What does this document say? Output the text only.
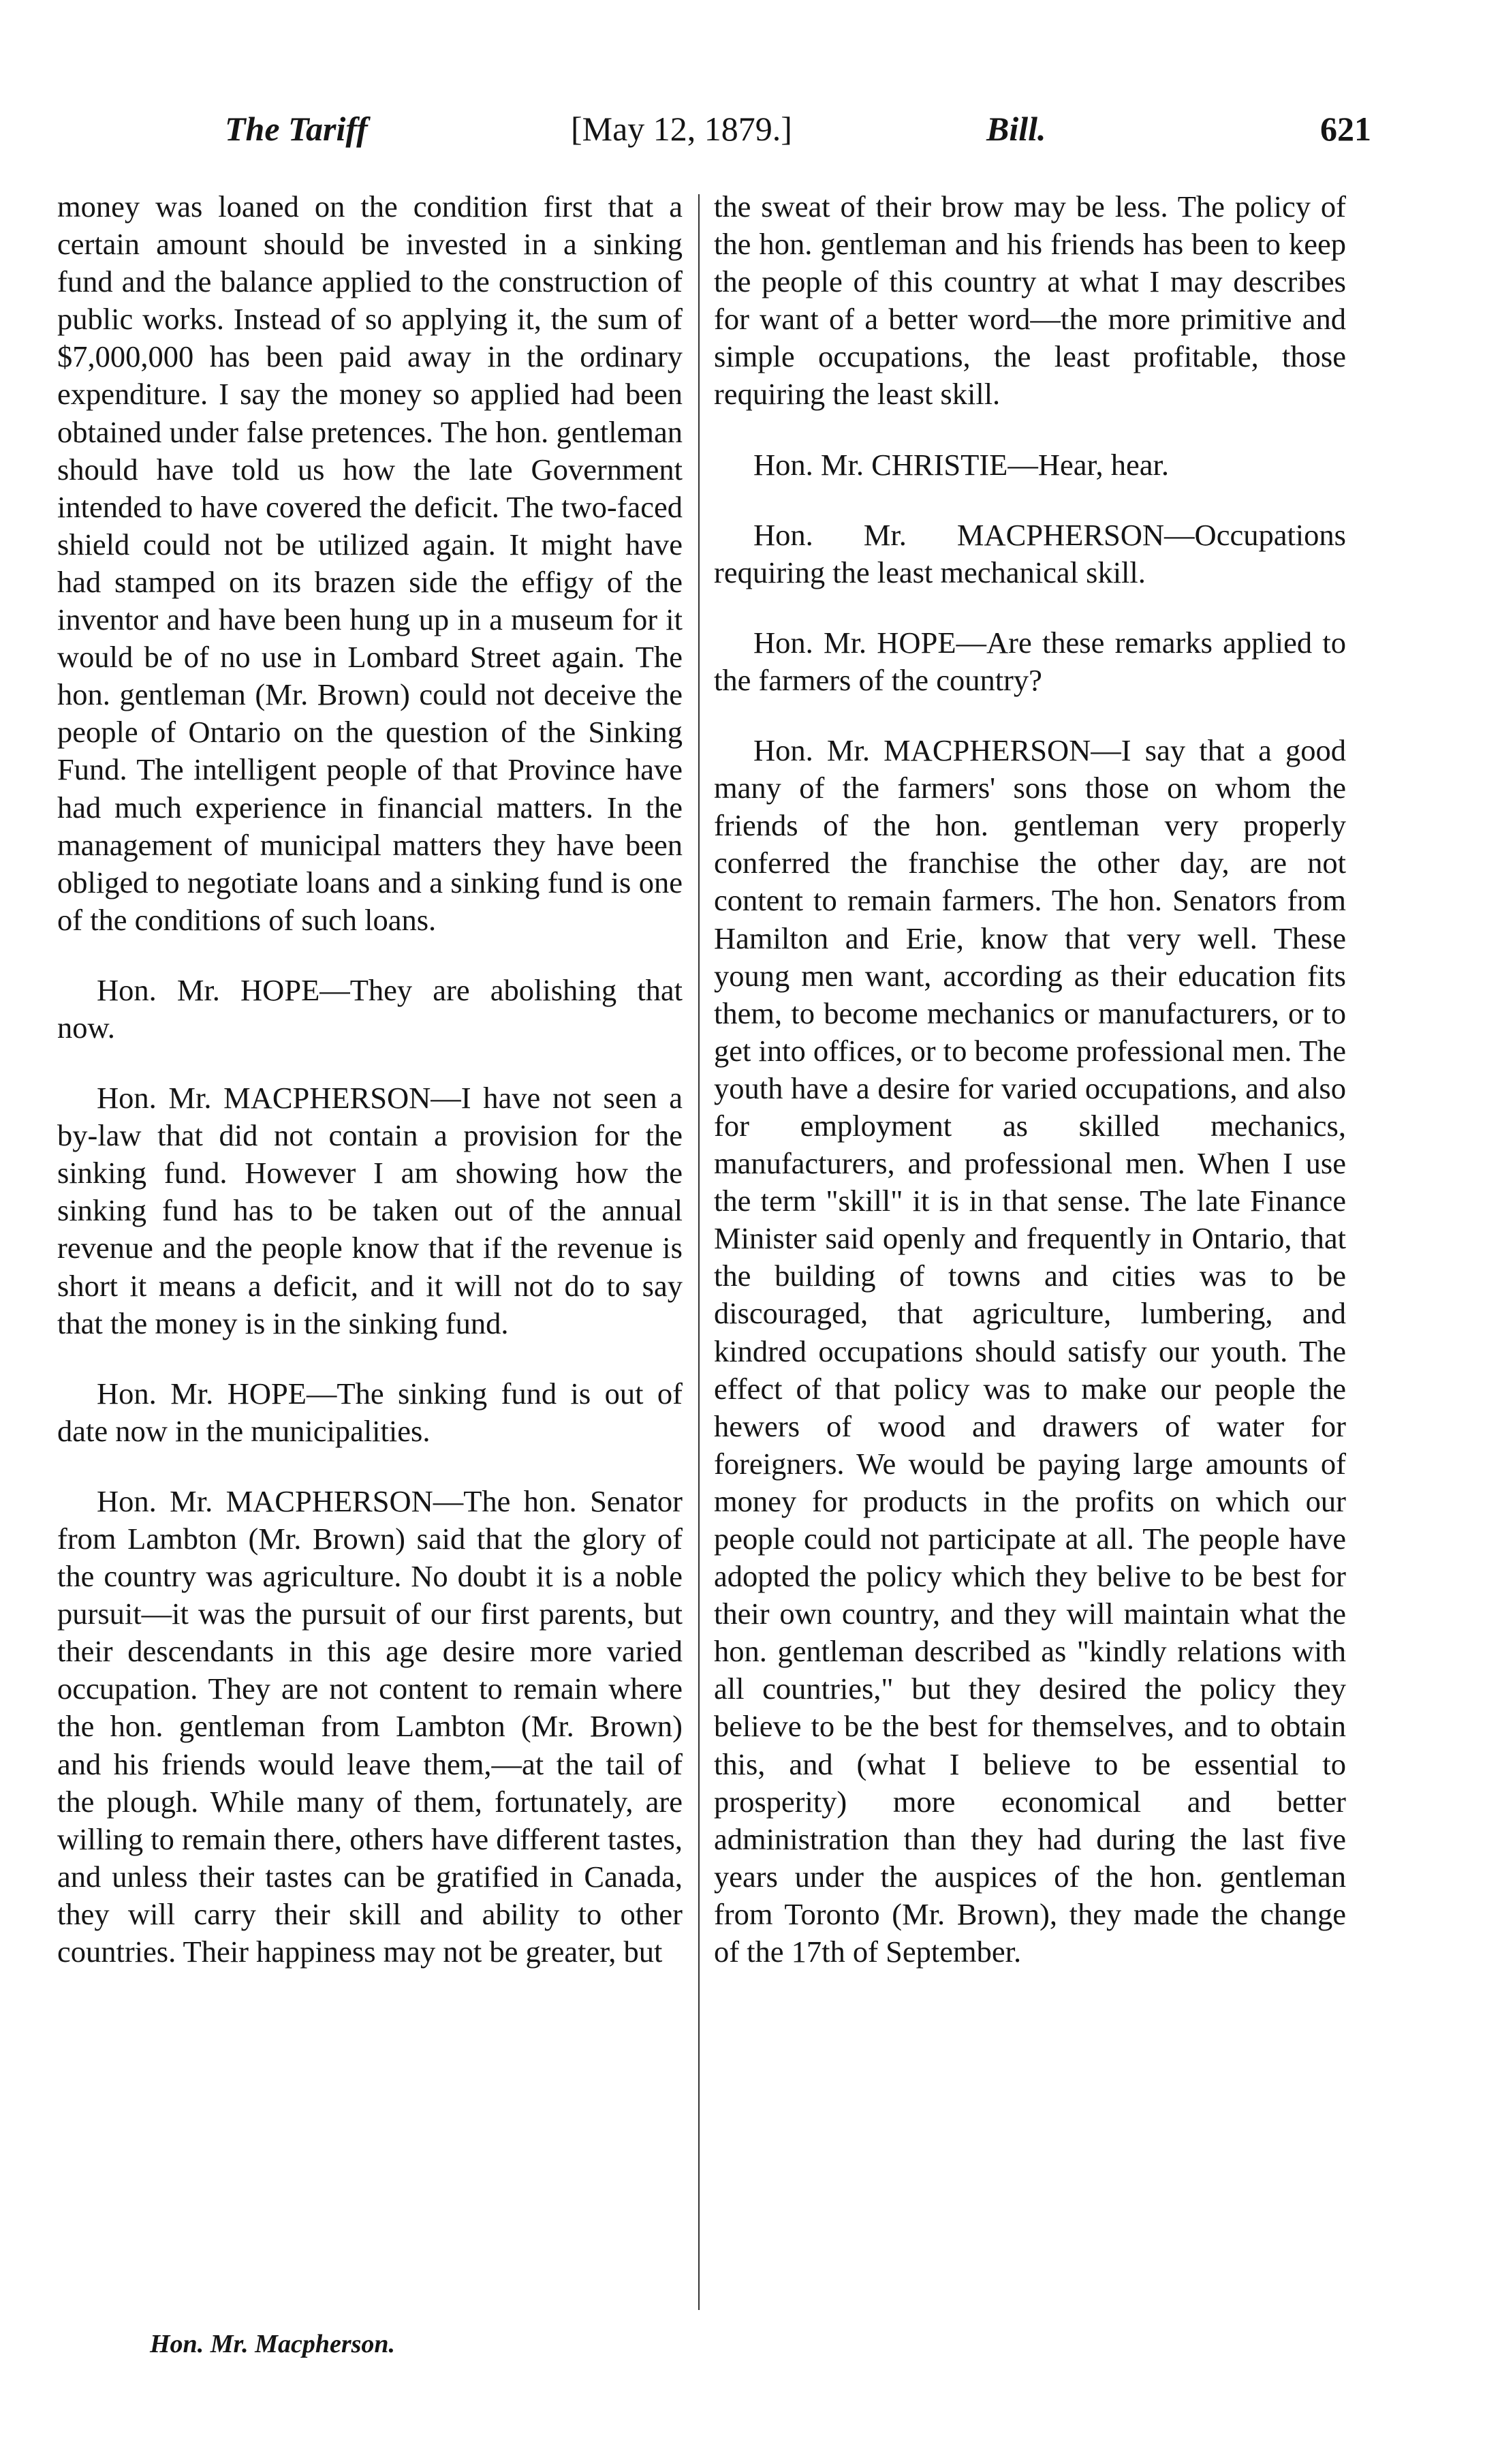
The Tariff	[May 12, 1879.]	Bill.	621

money was loaned on the condition first that a certain amount should be invested in a sinking fund and the balance applied to the construction of public works. Instead of so applying it, the sum of $7,000,000 has been paid away in the ordinary expenditure. I say the money so applied had been obtained under false pretences. The hon. gentleman should have told us how the late Government intended to have covered the deficit. The two-faced shield could not be utilized again. It might have had stamped on its brazen side the effigy of the inventor and have been hung up in a museum for it would be of no use in Lombard Street again. The hon. gentleman (Mr. Brown) could not deceive the people of Ontario on the question of the Sinking Fund. The intelligent people of that Province have had much experience in financial matters. In the management of municipal matters they have been obliged to negotiate loans and a sinking fund is one of the conditions of such loans.

Hon. Mr. HOPE—They are abolishing that now.

Hon. Mr. MACPHERSON—I have not seen a by-law that did not contain a provision for the sinking fund. However I am showing how the sinking fund has to be taken out of the annual revenue and the people know that if the revenue is short it means a deficit, and it will not do to say that the money is in the sinking fund.

Hon. Mr. HOPE—The sinking fund is out of date now in the municipalities.

Hon. Mr. MACPHERSON—The hon. Senator from Lambton (Mr. Brown) said that the glory of the country was agriculture. No doubt it is a noble pursuit—it was the pursuit of our first parents, but their descendants in this age desire more varied occupation. They are not content to remain where the hon. gentleman from Lambton (Mr. Brown) and his friends would leave them,—at the tail of the plough. While many of them, fortunately, are willing to remain there, others have different tastes, and unless their tastes can be gratified in Canada, they will carry their skill and ability to other countries. Their happiness may not be greater, but

the sweat of their brow may be less. The policy of the hon. gentleman and his friends has been to keep the people of this country at what I may describes for want of a better word—the more primitive and simple occupations, the least profitable, those requiring the least skill.

Hon. Mr. CHRISTIE—Hear, hear.

Hon. Mr. MACPHERSON—Occupations requiring the least mechanical skill.

Hon. Mr. HOPE—Are these remarks applied to the farmers of the country?

Hon. Mr. MACPHERSON—I say that a good many of the farmers' sons those on whom the friends of the hon. gentleman very properly conferred the franchise the other day, are not content to remain farmers. The hon. Senators from Hamilton and Erie, know that very well. These young men want, according as their education fits them, to become mechanics or manufacturers, or to get into offices, or to become professional men. The youth have a desire for varied occupations, and also for employment as skilled mechanics, manufacturers, and professional men. When I use the term "skill" it is in that sense. The late Finance Minister said openly and frequently in Ontario, that the building of towns and cities was to be discouraged, that agriculture, lumbering, and kindred occupations should satisfy our youth. The effect of that policy was to make our people the hewers of wood and drawers of water for foreigners. We would be paying large amounts of money for products in the profits on which our people could not participate at all. The people have adopted the policy which they belive to be best for their own country, and they will maintain what the hon. gentleman described as "kindly relations with all countries," but they desired the policy they believe to be the best for themselves, and to obtain this, and (what I believe to be essential to prosperity) more economical and better administration than they had during the last five years under the auspices of the hon. gentleman from Toronto (Mr. Brown), they made the change of the 17th of September.

Hon. Mr. Macpherson.
